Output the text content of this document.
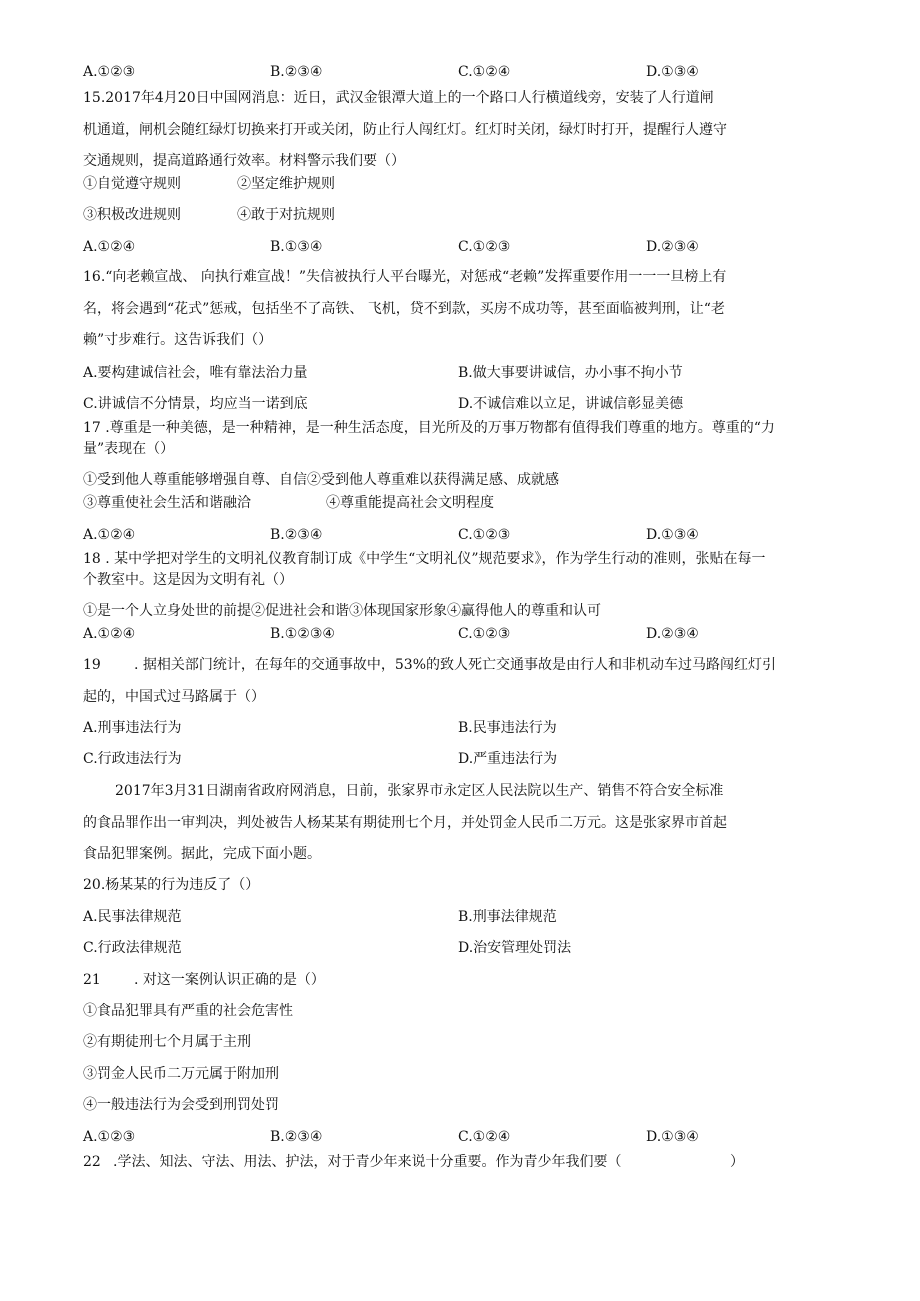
A.①②③	B.②③④	C.①②④	D.①③④
15.2017年4月20日中国网消息：近日，武汉金银潭大道上的一个路口人行横道线旁，安装了人行道闸
机通道，闸机会随红绿灯切换来打开或关闭，防止行人闯红灯。红灯时关闭，绿灯时打开，提醒行人遵守
交通规则，提高道路通行效率。材料警示我们要（）
①自觉遵守规则	②坚定维护规则
③积极改进规则	④敢于对抗规则
A.①②④	B.①③④	C.①②③	D.②③④
16.“向老赖宣战、 向执行难宣战！”失信被执行人平台曝光，对惩戒“老赖”发挥重要作用一一一旦榜上有
名，将会遇到“花式”惩戒，包括坐不了高铁、 飞机，贷不到款，买房不成功等，甚至面临被判刑，让“老
赖”寸步难行。这告诉我们（）
A.要构建诚信社会，唯有靠法治力量	B.做大事要讲诚信，办小事不拘小节
C.讲诚信不分情景，均应当一诺到底	D.不诚信难以立足，讲诚信彰显美德
17 .尊重是一种美德，是一种精神，是一种生活态度，目光所及的万事万物都有值得我们尊重的地方。尊重的“力
量”表现在（）
①受到他人尊重能够增强自尊、自信②受到他人尊重难以获得满足感、成就感
③尊重使社会生活和谐融洽	④尊重能提高社会文明程度
A.①②④	B.②③④	C.①②③	D.①③④
18 . 某中学把对学生的文明礼仪教育制订成《中学生“文明礼仪”规范要求》，作为学生行动的准则，张贴在每一
个教室中。这是因为文明有礼（）
①是一个人立身处世的前提②促进社会和谐③体现国家形象④赢得他人的尊重和认可
A.①②④	B.①②③④	C.①②③	D.②③④
19 . 据相关部门统计，在每年的交通事故中，53%的致人死亡交通事故是由行人和非机动车过马路闯红灯引
起的，中国式过马路属于（）
A.刑事违法行为	B.民事违法行为
C.行政违法行为	D.严重违法行为
2017年3月31日湖南省政府网消息，日前，张家界市永定区人民法院以生产、销售不符合安全标准
的食品罪作出一审判决，判处被告人杨某某有期徒刑七个月，并处罚金人民币二万元。这是张家界市首起
食品犯罪案例。据此，完成下面小题。
20.杨某某的行为违反了（）
A.民事法律规范	B.刑事法律规范
C.行政法律规范	D.治安管理处罚法
21 . 对这一案例认识正确的是（）
①食品犯罪具有严重的社会危害性
②有期徒刑七个月属于主刑
③罚金人民币二万元属于附加刑
④一般违法行为会受到刑罚处罚
A.①②③	B.②③④	C.①②④	D.①③④
22 .学法、知法、守法、用法、护法，对于青少年来说十分重要。作为青少年我们要（	）
